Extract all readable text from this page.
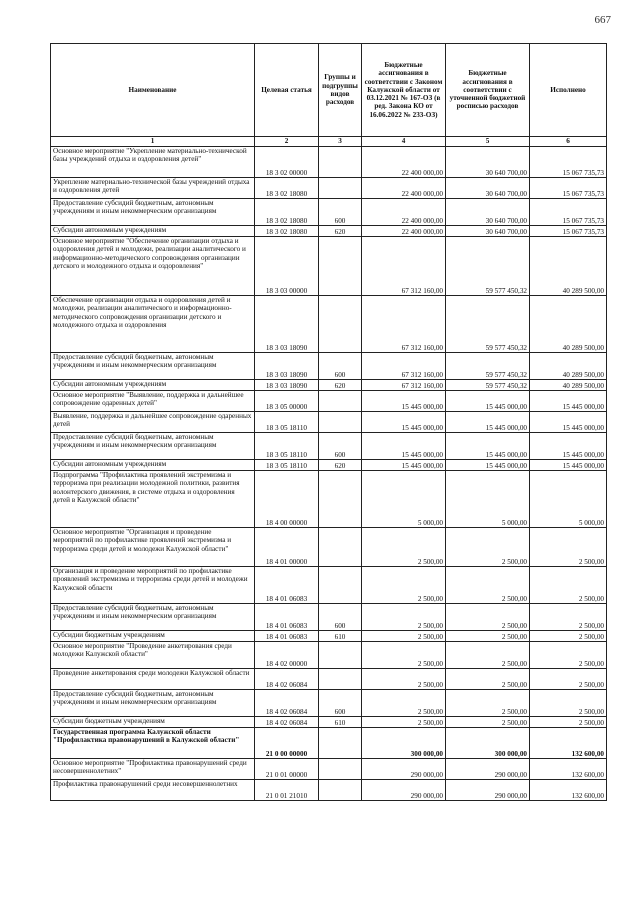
667
Наименование	Целевая статья	Группы и подгруппы видов расходов	Бюджетные ассигнования в соответствии с Законом Калужской области от 03.12.2021 № 167-ОЗ (в ред. Закона КО от 16.06.2022 № 233-ОЗ)	Бюджетные ассигнования в соответствии с уточненной бюджетной росписью расходов	Исполнено
1	2	3	4	5	6
Основное мероприятие "Укрепление материально-технической базы учреждений отдыха и оздоровления детей"	18 3 02 00000		22 400 000,00	30 640 700,00	15 067 735,73
Укрепление материально-технической базы учреждений отдыха и оздоровления детей	18 3 02 18080		22 400 000,00	30 640 700,00	15 067 735,73
Предоставление субсидий бюджетным, автономным учреждениям и иным некоммерческим организациям	18 3 02 18080	600	22 400 000,00	30 640 700,00	15 067 735,73
Субсидии автономным учреждениям	18 3 02 18080	620	22 400 000,00	30 640 700,00	15 067 735,73
Основное мероприятие "Обеспечение организации отдыха и оздоровления детей и молодежи, реализации аналитического и информационно-методического сопровождения организации детского и молодежного отдыха и оздоровления"	18 3 03 00000		67 312 160,00	59 577 450,32	40 289 500,00
Обеспечение организации отдыха и оздоровления детей и молодежи, реализации аналитического и информационно-методического сопровождения организации детского и молодежного отдыха и оздоровления	18 3 03 18090		67 312 160,00	59 577 450,32	40 289 500,00
Предоставление субсидий бюджетным, автономным учреждениям и иным некоммерческим организациям	18 3 03 18090	600	67 312 160,00	59 577 450,32	40 289 500,00
Субсидии автономным учреждениям	18 3 03 18090	620	67 312 160,00	59 577 450,32	40 289 500,00
Основное мероприятие "Выявление, поддержка и дальнейшее сопровождение одаренных детей"	18 3 05 00000		15 445 000,00	15 445 000,00	15 445 000,00
Выявление, поддержка и дальнейшее сопровождение одаренных детей	18 3 05 18110		15 445 000,00	15 445 000,00	15 445 000,00
Предоставление субсидий бюджетным, автономным учреждениям и иным некоммерческим организациям	18 3 05 18110	600	15 445 000,00	15 445 000,00	15 445 000,00
Субсидии автономным учреждениям	18 3 05 18110	620	15 445 000,00	15 445 000,00	15 445 000,00
Подпрограмма "Профилактика проявлений экстремизма и терроризма при реализации молодежной политики, развития волонтерского движения, в системе отдыха и оздоровления детей в Калужской области"	18 4 00 00000		5 000,00	5 000,00	5 000,00
Основное мероприятие "Организация и проведение мероприятий по профилактике проявлений экстремизма и терроризма среди детей и молодежи Калужской области"	18 4 01 00000		2 500,00	2 500,00	2 500,00
Организация и проведение мероприятий по профилактике проявлений экстремизма и терроризма среди детей и молодежи Калужской области	18 4 01 06083		2 500,00	2 500,00	2 500,00
Предоставление субсидий бюджетным, автономным учреждениям и иным некоммерческим организациям	18 4 01 06083	600	2 500,00	2 500,00	2 500,00
Субсидии бюджетным учреждениям	18 4 01 06083	610	2 500,00	2 500,00	2 500,00
Основное мероприятие "Проведение анкетирования среди молодежи Калужской области"	18 4 02 00000		2 500,00	2 500,00	2 500,00
Проведение анкетирования среди молодежи Калужской области	18 4 02 06084		2 500,00	2 500,00	2 500,00
Предоставление субсидий бюджетным, автономным учреждениям и иным некоммерческим организациям	18 4 02 06084	600	2 500,00	2 500,00	2 500,00
Субсидии бюджетным учреждениям	18 4 02 06084	610	2 500,00	2 500,00	2 500,00
Государственная программа Калужской области "Профилактика правонарушений в Калужской области"	21 0 00 00000		300 000,00	300 000,00	132 600,00
Основное мероприятие "Профилактика правонарушений среди несовершеннолетних"	21 0 01 00000		290 000,00	290 000,00	132 600,00
Профилактика правонарушений среди несовершеннолетних	21 0 01 21010		290 000,00	290 000,00	132 600,00
